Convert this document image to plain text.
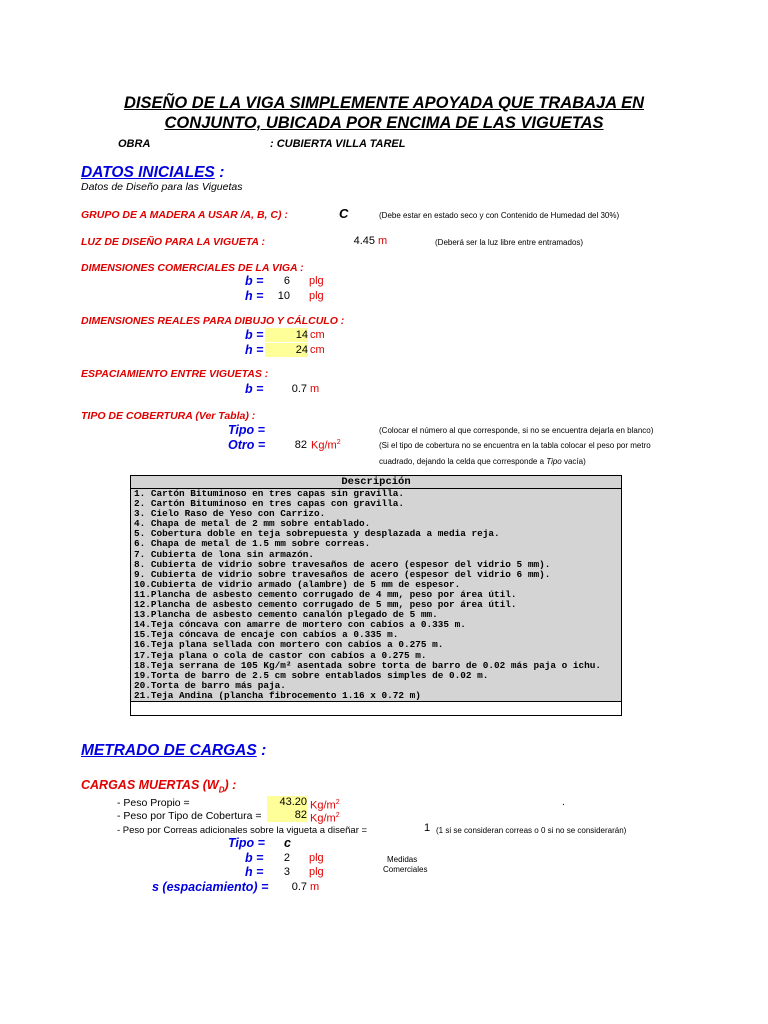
DISEÑO DE LA VIGA SIMPLEMENTE APOYADA QUE TRABAJA EN
CONJUNTO, UBICADA POR ENCIMA DE LAS VIGUETAS
OBRA	: CUBIERTA VILLA TAREL
DATOS INICIALES :
Datos de Diseño para las Viguetas
GRUPO DE A MADERA A USAR /A, B, C) :	C	(Debe estar en estado seco y con Contenido de Humedad del 30%)
LUZ DE DISEÑO PARA LA VIGUETA :	4.45 m	(Deberá ser la luz libre entre entramados)
DIMENSIONES COMERCIALES DE LA VIGA :
b =	6 plg
h =	10 plg
DIMENSIONES REALES PARA DIBUJO Y CÁLCULO :
b =	14 cm
h =	24 cm
ESPACIAMIENTO ENTRE VIGUETAS :
b =	0.7 m
TIPO DE COBERTURA (Ver Tabla) :
Tipo =	(Colocar el número al que corresponde, si no se encuentra dejarla en blanco)
Otro =	82 $Kg/m^2$	(Si el tipo de cobertura no se encuentra en la tabla colocar el peso por metro
cuadrado, dejando la celda que corresponde a Tipo vacía)
Descripción
1. Cartón Bituminoso en tres capas sin gravilla.
2. Cartón Bituminoso en tres capas con gravilla.
3. Cielo Raso de Yeso con Carrizo.
4. Chapa de metal de 2 mm sobre entablado.
5. Cobertura doble en teja sobrepuesta y desplazada a media reja.
6. Chapa de metal de 1.5 mm sobre correas.
7. Cubierta de lona sin armazón.
8. Cubierta de vidrio sobre travesaños de acero (espesor del vidrio 5 mm).
9. Cubierta de vidrio sobre travesaños de acero (espesor del vidrio 6 mm).
10.Cubierta de vidrio armado (alambre) de 5 mm de espesor.
11.Plancha de asbesto cemento corrugado de 4 mm, peso por área útil.
12.Plancha de asbesto cemento corrugado de 5 mm, peso por área útil.
13.Plancha de asbesto cemento canalón plegado de 5 mm.
14.Teja cóncava con amarre de mortero con cabíos a 0.335 m.
15.Teja cóncava de encaje con cabíos a 0.335 m.
16.Teja plana sellada con mortero con cabíos a 0.275 m.
17.Teja plana o cola de castor con cabíos a 0.275 m.
18.Teja serrana de 105 Kg/m² asentada sobre torta de barro de 0.02 más paja o ichu.
19.Torta de barro de 2.5 cm sobre entablados simples de 0.02 m.
20.Torta de barro más paja.
21.Teja Andina (plancha fibrocemento 1.16 x 0.72 m)

METRADO DE CARGAS :
CARGAS MUERTAS $(W_D)$ :
- Peso Propio =	43.20 $Kg/m^2$	.
- Peso por Tipo de Cobertura =	82 $Kg/m^2$
- Peso por Correas adicionales sobre la vigueta a diseñar =	1 (1 si se consideran correas o 0 si no se considerarán)
Tipo = c
b =	2 plg	Medidas
h =	3 plg	Comerciales
s (espaciamiento) =	0.7 m
